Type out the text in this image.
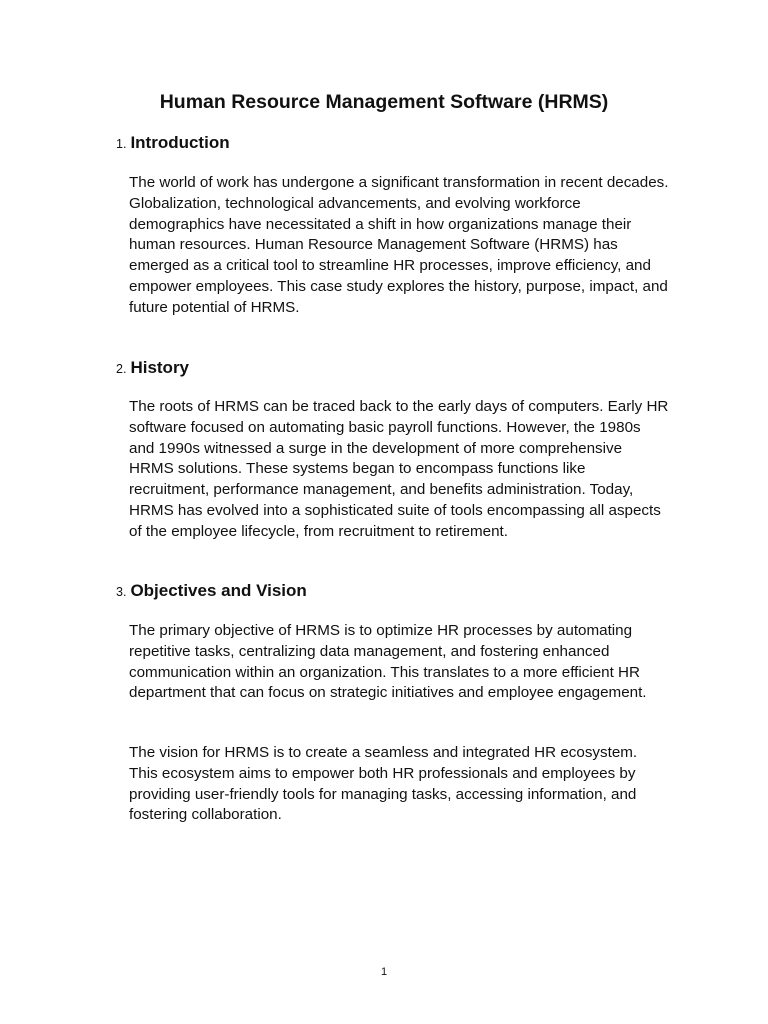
Human Resource Management Software (HRMS)
1. Introduction

The world of work has undergone a significant transformation in recent decades. Globalization, technological advancements, and evolving workforce demographics have necessitated a shift in how organizations manage their human resources. Human Resource Management Software (HRMS) has emerged as a critical tool to streamline HR processes, improve efficiency, and empower employees. This case study explores the history, purpose, impact, and future potential of HRMS.

2. History

The roots of HRMS can be traced back to the early days of computers. Early HR software focused on automating basic payroll functions. However, the 1980s and 1990s witnessed a surge in the development of more comprehensive HRMS solutions. These systems began to encompass functions like recruitment, performance management, and benefits administration. Today, HRMS has evolved into a sophisticated suite of tools encompassing all aspects of the employee lifecycle, from recruitment to retirement.

3. Objectives and Vision

The primary objective of HRMS is to optimize HR processes by automating repetitive tasks, centralizing data management, and fostering enhanced communication within an organization. This translates to a more efficient HR department that can focus on strategic initiatives and employee engagement.

The vision for HRMS is to create a seamless and integrated HR ecosystem. This ecosystem aims to empower both HR professionals and employees by providing user-friendly tools for managing tasks, accessing information, and fostering collaboration.

1
